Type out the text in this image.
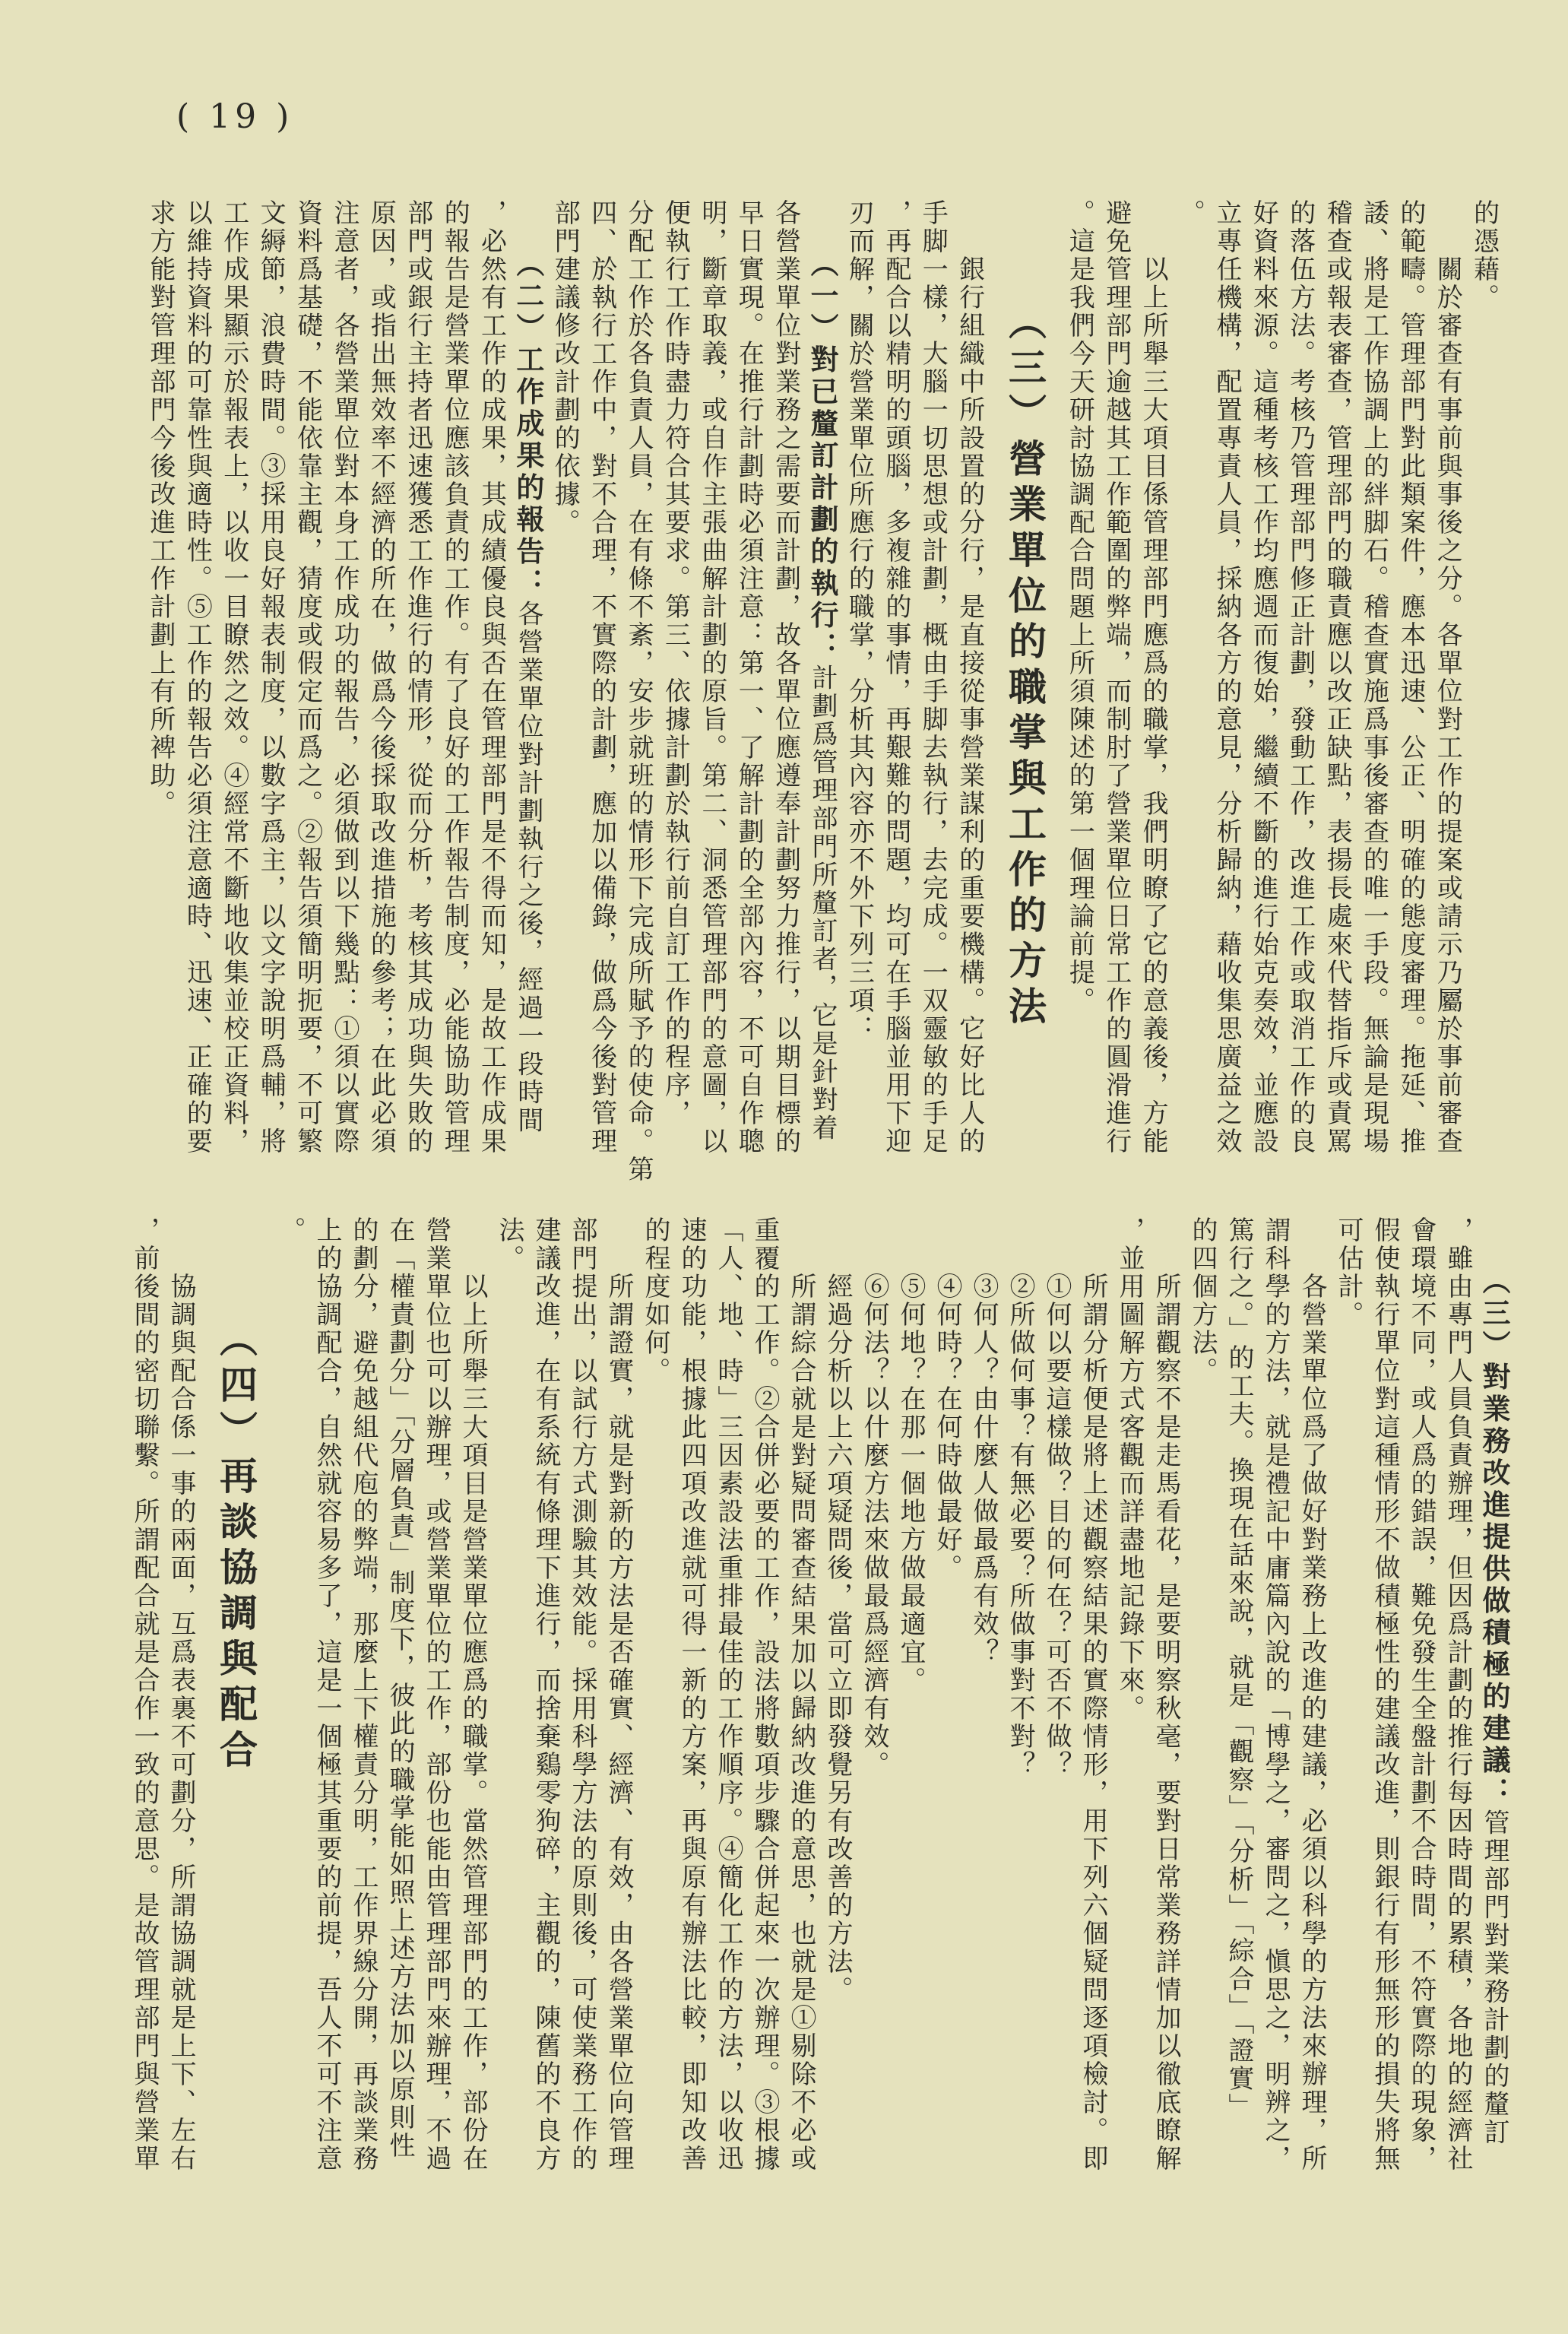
( 19 )
的憑藉。
　　關於審查有事前與事後之分。各單位對工作的提案或請示乃屬於事前審查
的範疇。管理部門對此類案件，應本迅速、公正、明確的態度審理。拖延、推
諉、將是工作協調上的絆脚石。稽查實施爲事後審查的唯一手段。無論是現場
稽查或報表審查，管理部門的職責應以改正缺點，表揚長處來代替指斥或責罵
的落伍方法。考核乃管理部門修正計劃，發動工作，改進工作或取消工作的良
好資料來源。這種考核工作均應週而復始，繼續不斷的進行始克奏效，並應設
立專任機構，配置專責人員，採納各方的意見，分析歸納，藉收集思廣益之效
。
　　以上所舉三大項目係管理部門應爲的職掌，我們明瞭了它的意義後，方能
避免管理部門逾越其工作範圍的弊端，而制肘了營業單位日常工作的圓滑進行
。這是我們今天研討協調配合問題上所須陳述的第一個理論前提。
（三）營業單位的職掌與工作的方法
　　銀行組織中所設置的分行，是直接從事營業謀利的重要機構。它好比人的
手脚一樣，大腦一切思想或計劃，概由手脚去執行，去完成。一双靈敏的手足
，再配合以精明的頭腦，多複雜的事情，再艱難的問題，均可在手腦並用下迎
刃而解，關於營業單位所應行的職掌，分析其內容亦不外下列三項：
　　（一）對已釐訂計劃的執行：計劃爲管理部門所釐訂者，它是針對着
各營業單位對業務之需要而計劃，故各單位應遵奉計劃努力推行，以期目標的
早日實現。在推行計劃時必須注意：第一、了解計劃的全部內容，不可自作聰
明，斷章取義，或自作主張曲解計劃的原旨。第二、洞悉管理部門的意圖，以
便執行工作時盡力符合其要求。第三、依據計劃於執行前自訂工作的程序，
分配工作於各負責人員，在有條不紊，安步就班的情形下完成所賦予的使命。第
四、於執行工作中，對不合理，不實際的計劃，應加以備錄，做爲今後對管理
部門建議修改計劃的依據。
　　（二）工作成果的報告：各營業單位對計劃執行之後，經過一段時間
，必然有工作的成果，其成績優良與否在管理部門是不得而知，是故工作成果
的報告是營業單位應該負責的工作。有了良好的工作報告制度，必能協助管理
部門或銀行主持者迅速獲悉工作進行的情形，從而分析，考核其成功與失敗的
原因，或指出無效率不經濟的所在，做爲今後採取改進措施的參考；在此必須
注意者，各營業單位對本身工作成功的報告，必須做到以下幾點：①須以實際
資料爲基礎，不能依靠主觀，猜度或假定而爲之。②報告須簡明扼要，不可繁
文縟節，浪費時間。③採用良好報表制度，以數字爲主，以文字說明爲輔，將
工作成果顯示於報表上，以收一目瞭然之效。④經常不斷地收集並校正資料，
以維持資料的可靠性與適時性。⑤工作的報告必須注意適時、迅速、正確的要
求方能對管理部門今後改進工作計劃上有所裨助。
　　（三）對業務改進提供做積極的建議：管理部門對業務計劃的釐訂
，雖由專門人員負責辦理，但因爲計劃的推行每因時間的累積，各地的經濟社
會環境不同，或人爲的錯誤，難免發生全盤計劃不合時間，不符實際的現象，
假使執行單位對這種情形不做積極性的建議改進，則銀行有形無形的損失將無
可估計。
　　各營業單位爲了做好對業務上改進的建議，必須以科學的方法來辦理，所
謂科學的方法，就是禮記中庸篇內說的「博學之，審問之，愼思之，明辨之，
篤行之。」的工夫。換現在話來說，就是「觀察」「分析」「綜合」「證實」
的四個方法。
　　所謂觀察不是走馬看花，是要明察秋毫，要對日常業務詳情加以徹底瞭解
，並用圖解方式客觀而詳盡地記錄下來。
　　所謂分析便是將上述觀察結果的實際情形，用下列六個疑問逐項檢討。即
　　①何以要這樣做？目的何在？可否不做？
　　②所做何事？有無必要？所做事對不對？
　　③何人？由什麼人做最爲有效？
　　④何時？在何時做最好。
　　⑤何地？在那一個地方做最適宜。
　　⑥何法？以什麼方法來做最爲經濟有效。
　　經過分析以上六項疑問後，當可立即發覺另有改善的方法。
　　所謂綜合就是對疑問審查結果加以歸納改進的意思，也就是①剔除不必或
重覆的工作。②合併必要的工作，設法將數項步驟合併起來一次辦理。③根據
「人、地、時」三因素設法重排最佳的工作順序。④簡化工作的方法，以收迅
速的功能，根據此四項改進就可得一新的方案，再與原有辦法比較，即知改善
的程度如何。
　　所謂證實，就是對新的方法是否確實、經濟、有效，由各營業單位向管理
部門提出，以試行方式測驗其效能。採用科學方法的原則後，可使業務工作的
建議改進，在有系統有條理下進行，而捨棄鷄零狗碎，主觀的，陳舊的不良方
法。
　　以上所舉三大項目是營業單位應爲的職掌。當然管理部門的工作，部份在
營業單位也可以辦理，或營業單位的工作，部份也能由管理部門來辦理，不過
在「權責劃分」「分層負責」制度下，彼此的職掌能如照上述方法加以原則性
的劃分，避免越組代庖的弊端，那麼上下權責分明，工作界線分開，再談業務
上的協調配合，自然就容易多了，這是一個極其重要的前提，吾人不可不注意
。
（四）再談協調與配合
　　協調與配合係一事的兩面，互爲表裏不可劃分，所謂協調就是上下、左右
，前後間的密切聯繫。所謂配合就是合作一致的意思。是故管理部門與營業單
